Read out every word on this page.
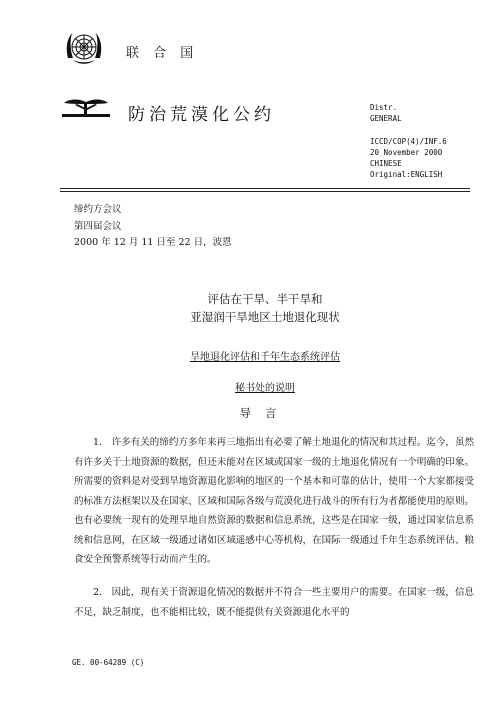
联 合 国
防治荒漠化公约	Distr.
GENERAL
ICCD/COP(4)/INF.6
20 November 2000
CHINESE
Original:ENGLISH
缔约方会议
第四届会议
2000 年 12 月 11 日至 22 日，波恩
评估在干旱、半干旱和
亚湿润干旱地区土地退化现状
旱地退化评估和千年生态系统评估
秘书处的说明
导言
1.　许多有关的缔约方多年来再三地指出有必要了解土地退化的情况和其过程。迄今，虽然有许多关于土地资源的数据，但还未能对在区域或国家一级的土地退化情况有一个明确的印象。所需要的资料是对受到旱地资源退化影响的地区的一个基本和可靠的估计，使用一个大家都接受的标准方法框架以及在国家、区域和国际各级与荒漠化进行战斗的所有行为者都能使用的原则。也有必要统一现有的处理旱地自然资源的数据和信息系统，这些是在国家一级，通过国家信息系统和信息网，在区域一级通过诸如区域遥感中心等机构，在国际一级通过千年生态系统评估、粮食安全预警系统等行动而产生的。
2.　因此，现有关于资源退化情况的数据并不符合一些主要用户的需要。在国家一级，信息不足，缺乏制度，也不能相比较，既不能提供有关资源退化水平的
GE. 00-64289 (C)
